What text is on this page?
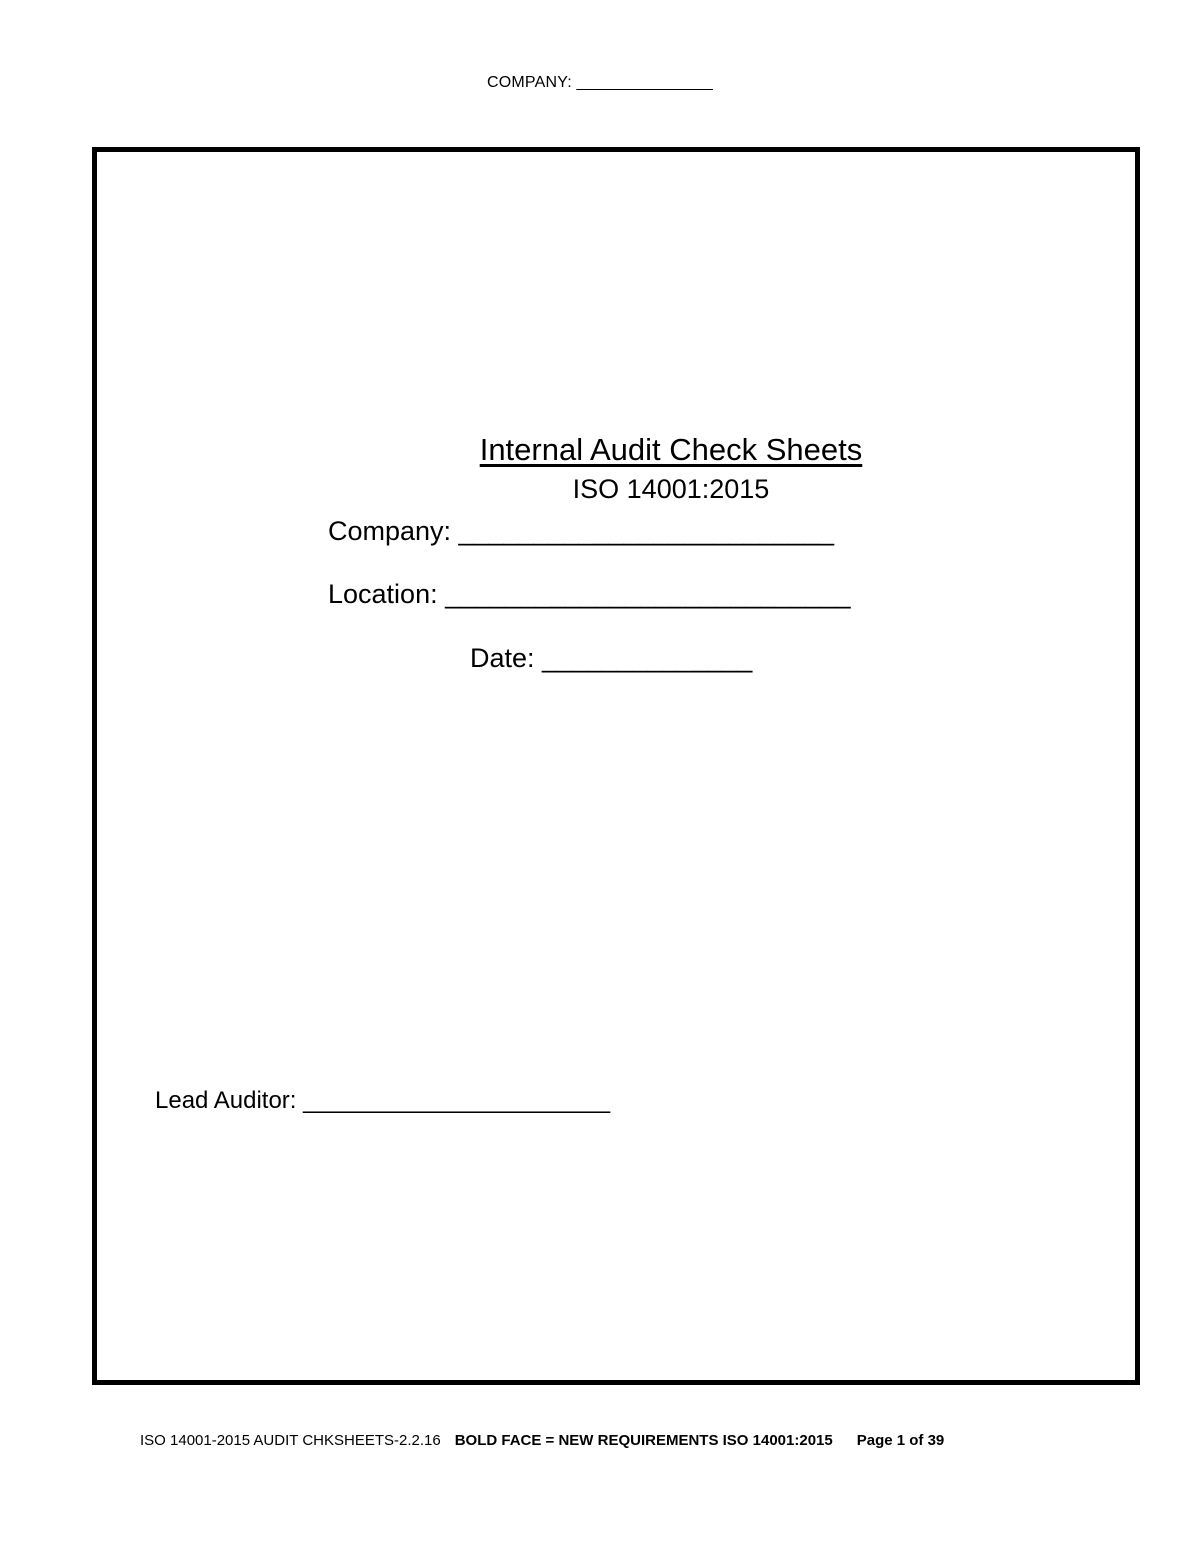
COMPANY: _______________
Internal Audit Check Sheets
ISO 14001:2015
Company: _________________________
Location: ___________________________
Date: ______________
Lead Auditor: _______________________
ISO 14001-2015 AUDIT CHKSHEETS-2.2.16 BOLD FACE = NEW REQUIREMENTS ISO 14001:2015 Page 1 of 39
